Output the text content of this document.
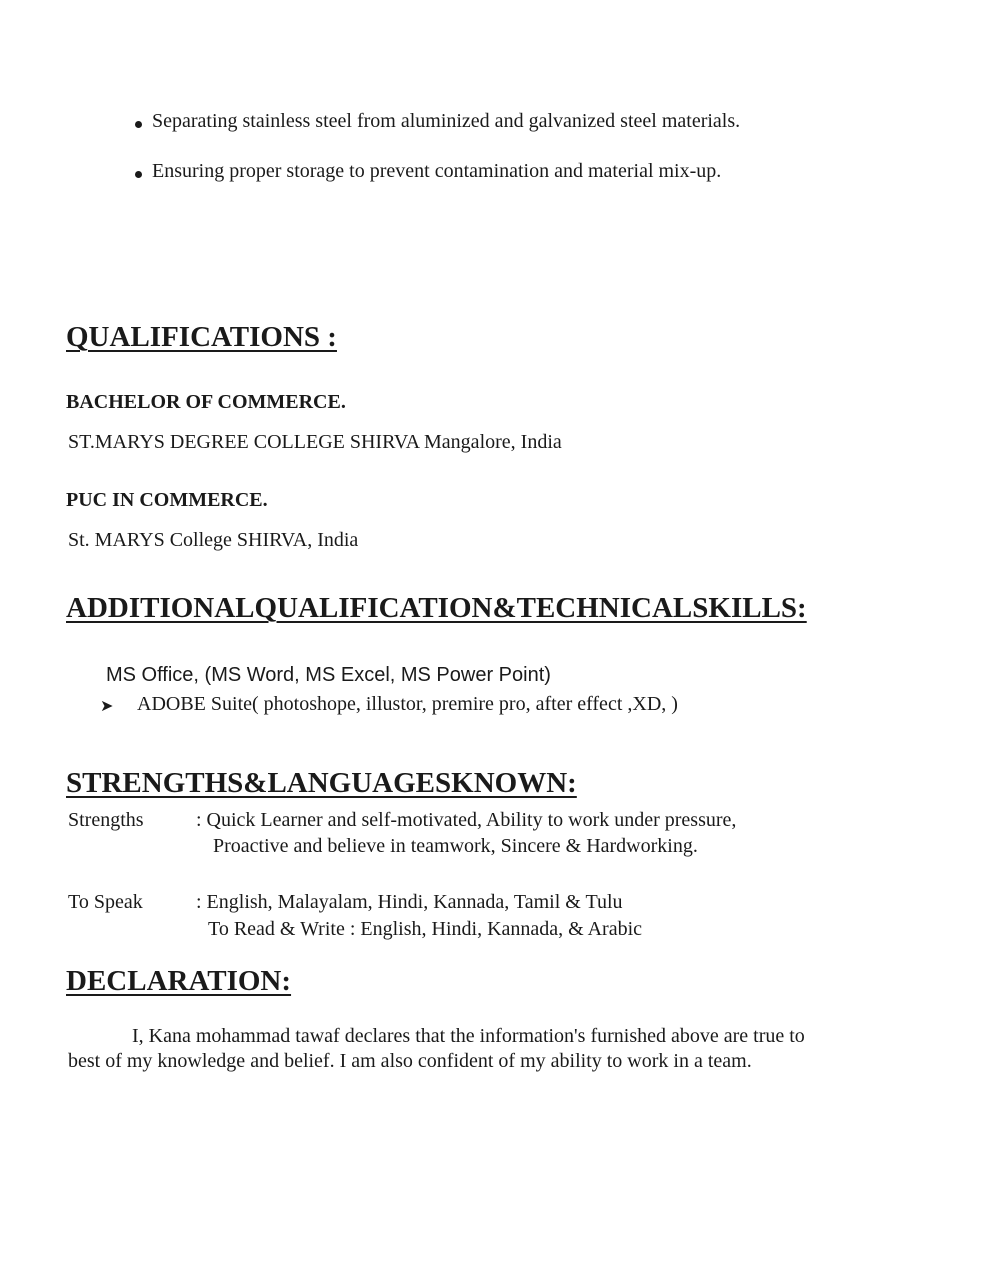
Separating stainless steel from aluminized and galvanized steel materials.
Ensuring proper storage to prevent contamination and material mix-up.
QUALIFICATIONS :
BACHELOR OF COMMERCE.
ST.MARYS DEGREE COLLEGE SHIRVA Mangalore, India
PUC IN COMMERCE.
St. MARYS College SHIRVA, India
ADDITIONALQUALIFICATION&TECHNICALSKILLS:
MS Office, (MS Word, MS Excel, MS Power Point)
➤ ADOBE Suite( photoshope, illustor, premire pro, after effect ,XD, )
STRENGTHS&LANGUAGESKNOWN:
Strengths	: Quick Learner and self-motivated, Ability to work under pressure,
Proactive and believe in teamwork, Sincere & Hardworking.
To Speak	: English, Malayalam, Hindi, Kannada, Tamil & Tulu
To Read & Write : English, Hindi, Kannada, & Arabic
DECLARATION:
I, Kana mohammad tawaf declares that the information's furnished above are true to
best of my knowledge and belief. I am also confident of my ability to work in a team.
